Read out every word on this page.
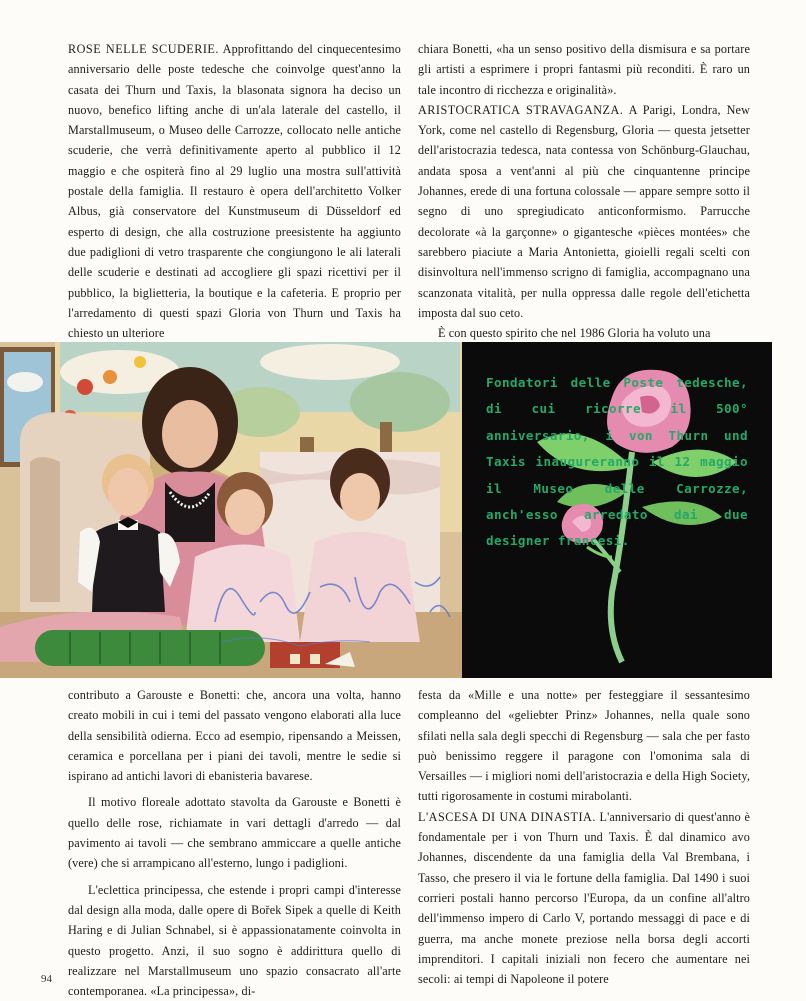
ROSE NELLE SCUDERIE. Approfittando del cinquecentesimo anniversario delle poste tedesche che coinvolge quest'anno la casata dei Thurn und Taxis, la blasonata signora ha deciso un nuovo, benefico lifting anche di un'ala laterale del castello, il Marstallmuseum, o Museo delle Carrozze, collocato nelle antiche scuderie, che verrà definitivamente aperto al pubblico il 12 maggio e che ospiterà fino al 29 luglio una mostra sull'attività postale della famiglia. Il restauro è opera dell'architetto Volker Albus, già conservatore del Kunstmuseum di Düsseldorf ed esperto di design, che alla costruzione preesistente ha aggiunto due padiglioni di vetro trasparente che congiungono le ali laterali delle scuderie e destinati ad accogliere gli spazi ricettivi per il pubblico, la biglietteria, la boutique e la cafeteria. E proprio per l'arredamento di questi spazi Gloria von Thurn und Taxis ha chiesto un ulteriore

chiara Bonetti, «ha un senso positivo della dismisura e sa portare gli artisti a esprimere i propri fantasmi più reconditi. È raro un tale incontro di ricchezza e originalità».

ARISTOCRATICA STRAVAGANZA. A Parigi, Londra, New York, come nel castello di Regensburg, Gloria — questa jetsetter dell'aristocrazia tedesca, nata contessa von Schönburg-Glauchau, andata sposa a vent'anni al più che cinquantenne principe Johannes, erede di una fortuna colossale — appare sempre sotto il segno di uno spregiudicato anticonformismo. Parrucche decolorate «à la garçonne» o gigantesche «pièces montées» che sarebbero piaciute a Maria Antonietta, gioielli regali scelti con disinvoltura nell'immenso scrigno di famiglia, accompagnano una scanzonata vitalità, per nulla oppressa dalle regole dell'etichetta imposta dal suo ceto.

È con questo spirito che nel 1986 Gloria ha voluto una

Fondatori delle Poste tedesche, di cui ricorre il 500° anniversario, i von Thurn und Taxis inaugureranno il 12 maggio il Museo delle Carrozze, anch'esso arredato dai due designer francesi.

contributo a Garouste e Bonetti: che, ancora una volta, hanno creato mobili in cui i temi del passato vengono elaborati alla luce della sensibilità odierna. Ecco ad esempio, ripensando a Meissen, ceramica e porcellana per i piani dei tavoli, mentre le sedie si ispirano ad antichi lavori di ebanisteria bavarese.

Il motivo floreale adottato stavolta da Garouste e Bonetti è quello delle rose, richiamate in vari dettagli d'arredo — dal pavimento ai tavoli — che sembrano ammiccare a quelle antiche (vere) che si arrampicano all'esterno, lungo i padiglioni.

L'eclettica principessa, che estende i propri campi d'interesse dal design alla moda, dalle opere di Bořek Sipek a quelle di Keith Haring e di Julian Schnabel, si è appassionatamente coinvolta in questo progetto. Anzi, il suo sogno è addirittura quello di realizzare nel Marstallmuseum uno spazio consacrato all'arte contemporanea. «La principessa», di-

festa da «Mille e una notte» per festeggiare il sessantesimo compleanno del «geliebter Prinz» Johannes, nella quale sono sfilati nella sala degli specchi di Regensburg — sala che per fasto può benissimo reggere il paragone con l'omonima sala di Versailles — i migliori nomi dell'aristocrazia e della High Society, tutti rigorosamente in costumi mirabolanti.

L'ASCESA DI UNA DINASTIA. L'anniversario di quest'anno è fondamentale per i von Thurn und Taxis. È dal dinamico avo Johannes, discendente da una famiglia della Val Brembana, i Tasso, che presero il via le fortune della famiglia. Dal 1490 i suoi corrieri postali hanno percorso l'Europa, da un confine all'altro dell'immenso impero di Carlo V, portando messaggi di pace e di guerra, ma anche monete preziose nella borsa degli accorti imprenditori. I capitali iniziali non fecero che aumentare nei secoli: ai tempi di Napoleone il potere

94
